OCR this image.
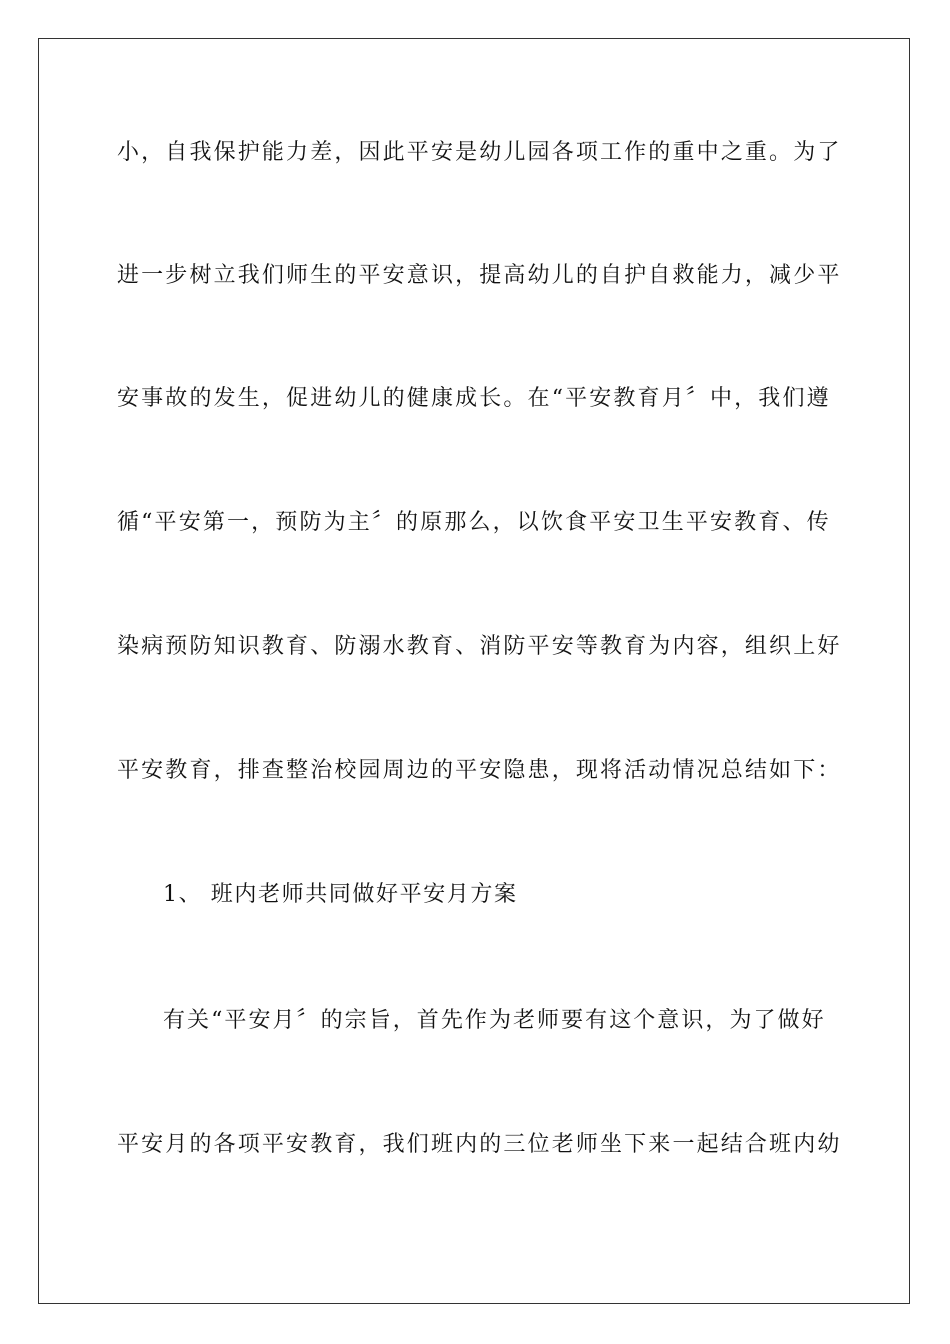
小，自我保护能力差，因此平安是幼儿园各项工作的重中之重。为了
进一步树立我们师生的平安意识，提高幼儿的自护自救能力，减少平
安事故的发生，促进幼儿的健康成长。在“平安教育月〞中，我们遵
循“平安第一，预防为主〞的原那么，以饮食平安卫生平安教育、传
染病预防知识教育、防溺水教育、消防平安等教育为内容，组织上好
平安教育，排查整治校园周边的平安隐患，现将活动情况总结如下：
1、 班内老师共同做好平安月方案
有关“平安月〞的宗旨，首先作为老师要有这个意识，为了做好
平安月的各项平安教育，我们班内的三位老师坐下来一起结合班内幼
